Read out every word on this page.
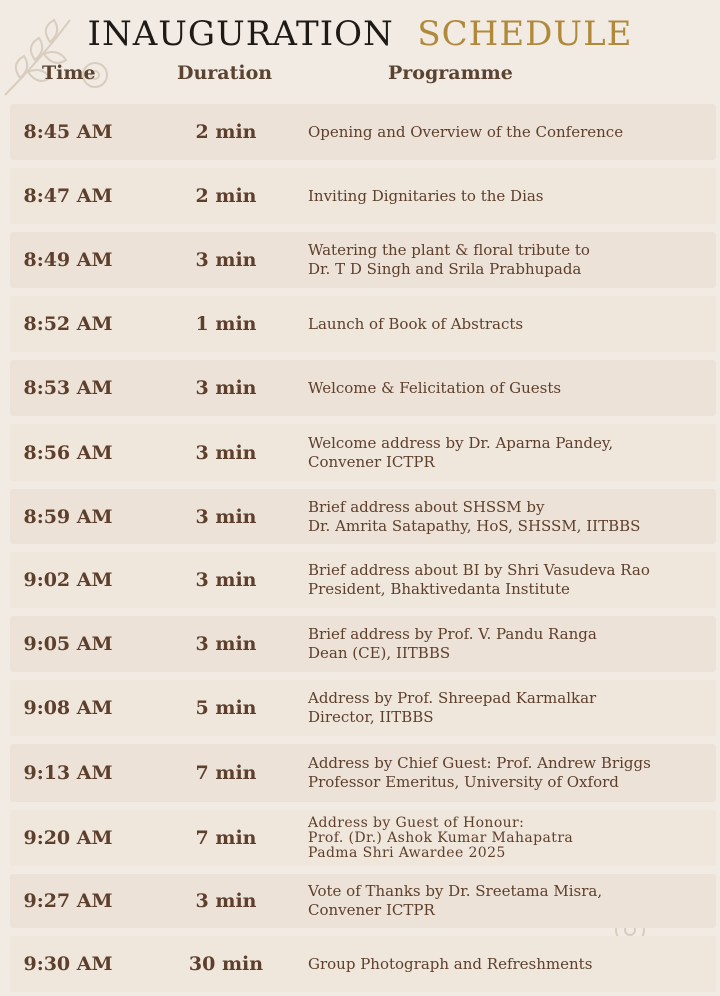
INAUGURATION SCHEDULE
Time	Duration	Programme
8:45 AM	2 min	Opening and Overview of the Conference
8:47 AM	2 min	Inviting Dignitaries to the Dias
8:49 AM	3 min	Watering the plant & floral tribute to
Dr. T D Singh and Srila Prabhupada
8:52 AM	1 min	Launch of Book of Abstracts
8:53 AM	3 min	Welcome & Felicitation of Guests
8:56 AM	3 min	Welcome address by Dr. Aparna Pandey,
Convener ICTPR
8:59 AM	3 min	Brief address about SHSSM by
Dr. Amrita Satapathy, HoS, SHSSM, IITBBS
9:02 AM	3 min	Brief address about BI by Shri Vasudeva Rao
President, Bhaktivedanta Institute
9:05 AM	3 min	Brief address by Prof. V. Pandu Ranga
Dean (CE), IITBBS
9:08 AM	5 min	Address by Prof. Shreepad Karmalkar
Director, IITBBS
9:13 AM	7 min	Address by Chief Guest: Prof. Andrew Briggs
Professor Emeritus, University of Oxford
9:20 AM	7 min
Address by Guest of Honour:
Prof. (Dr.) Ashok Kumar Mahapatra
Padma Shri Awardee 2025
9:27 AM	3 min	Vote of Thanks by Dr. Sreetama Misra,
Convener ICTPR
9:30 AM	30 min	Group Photograph and Refreshments
